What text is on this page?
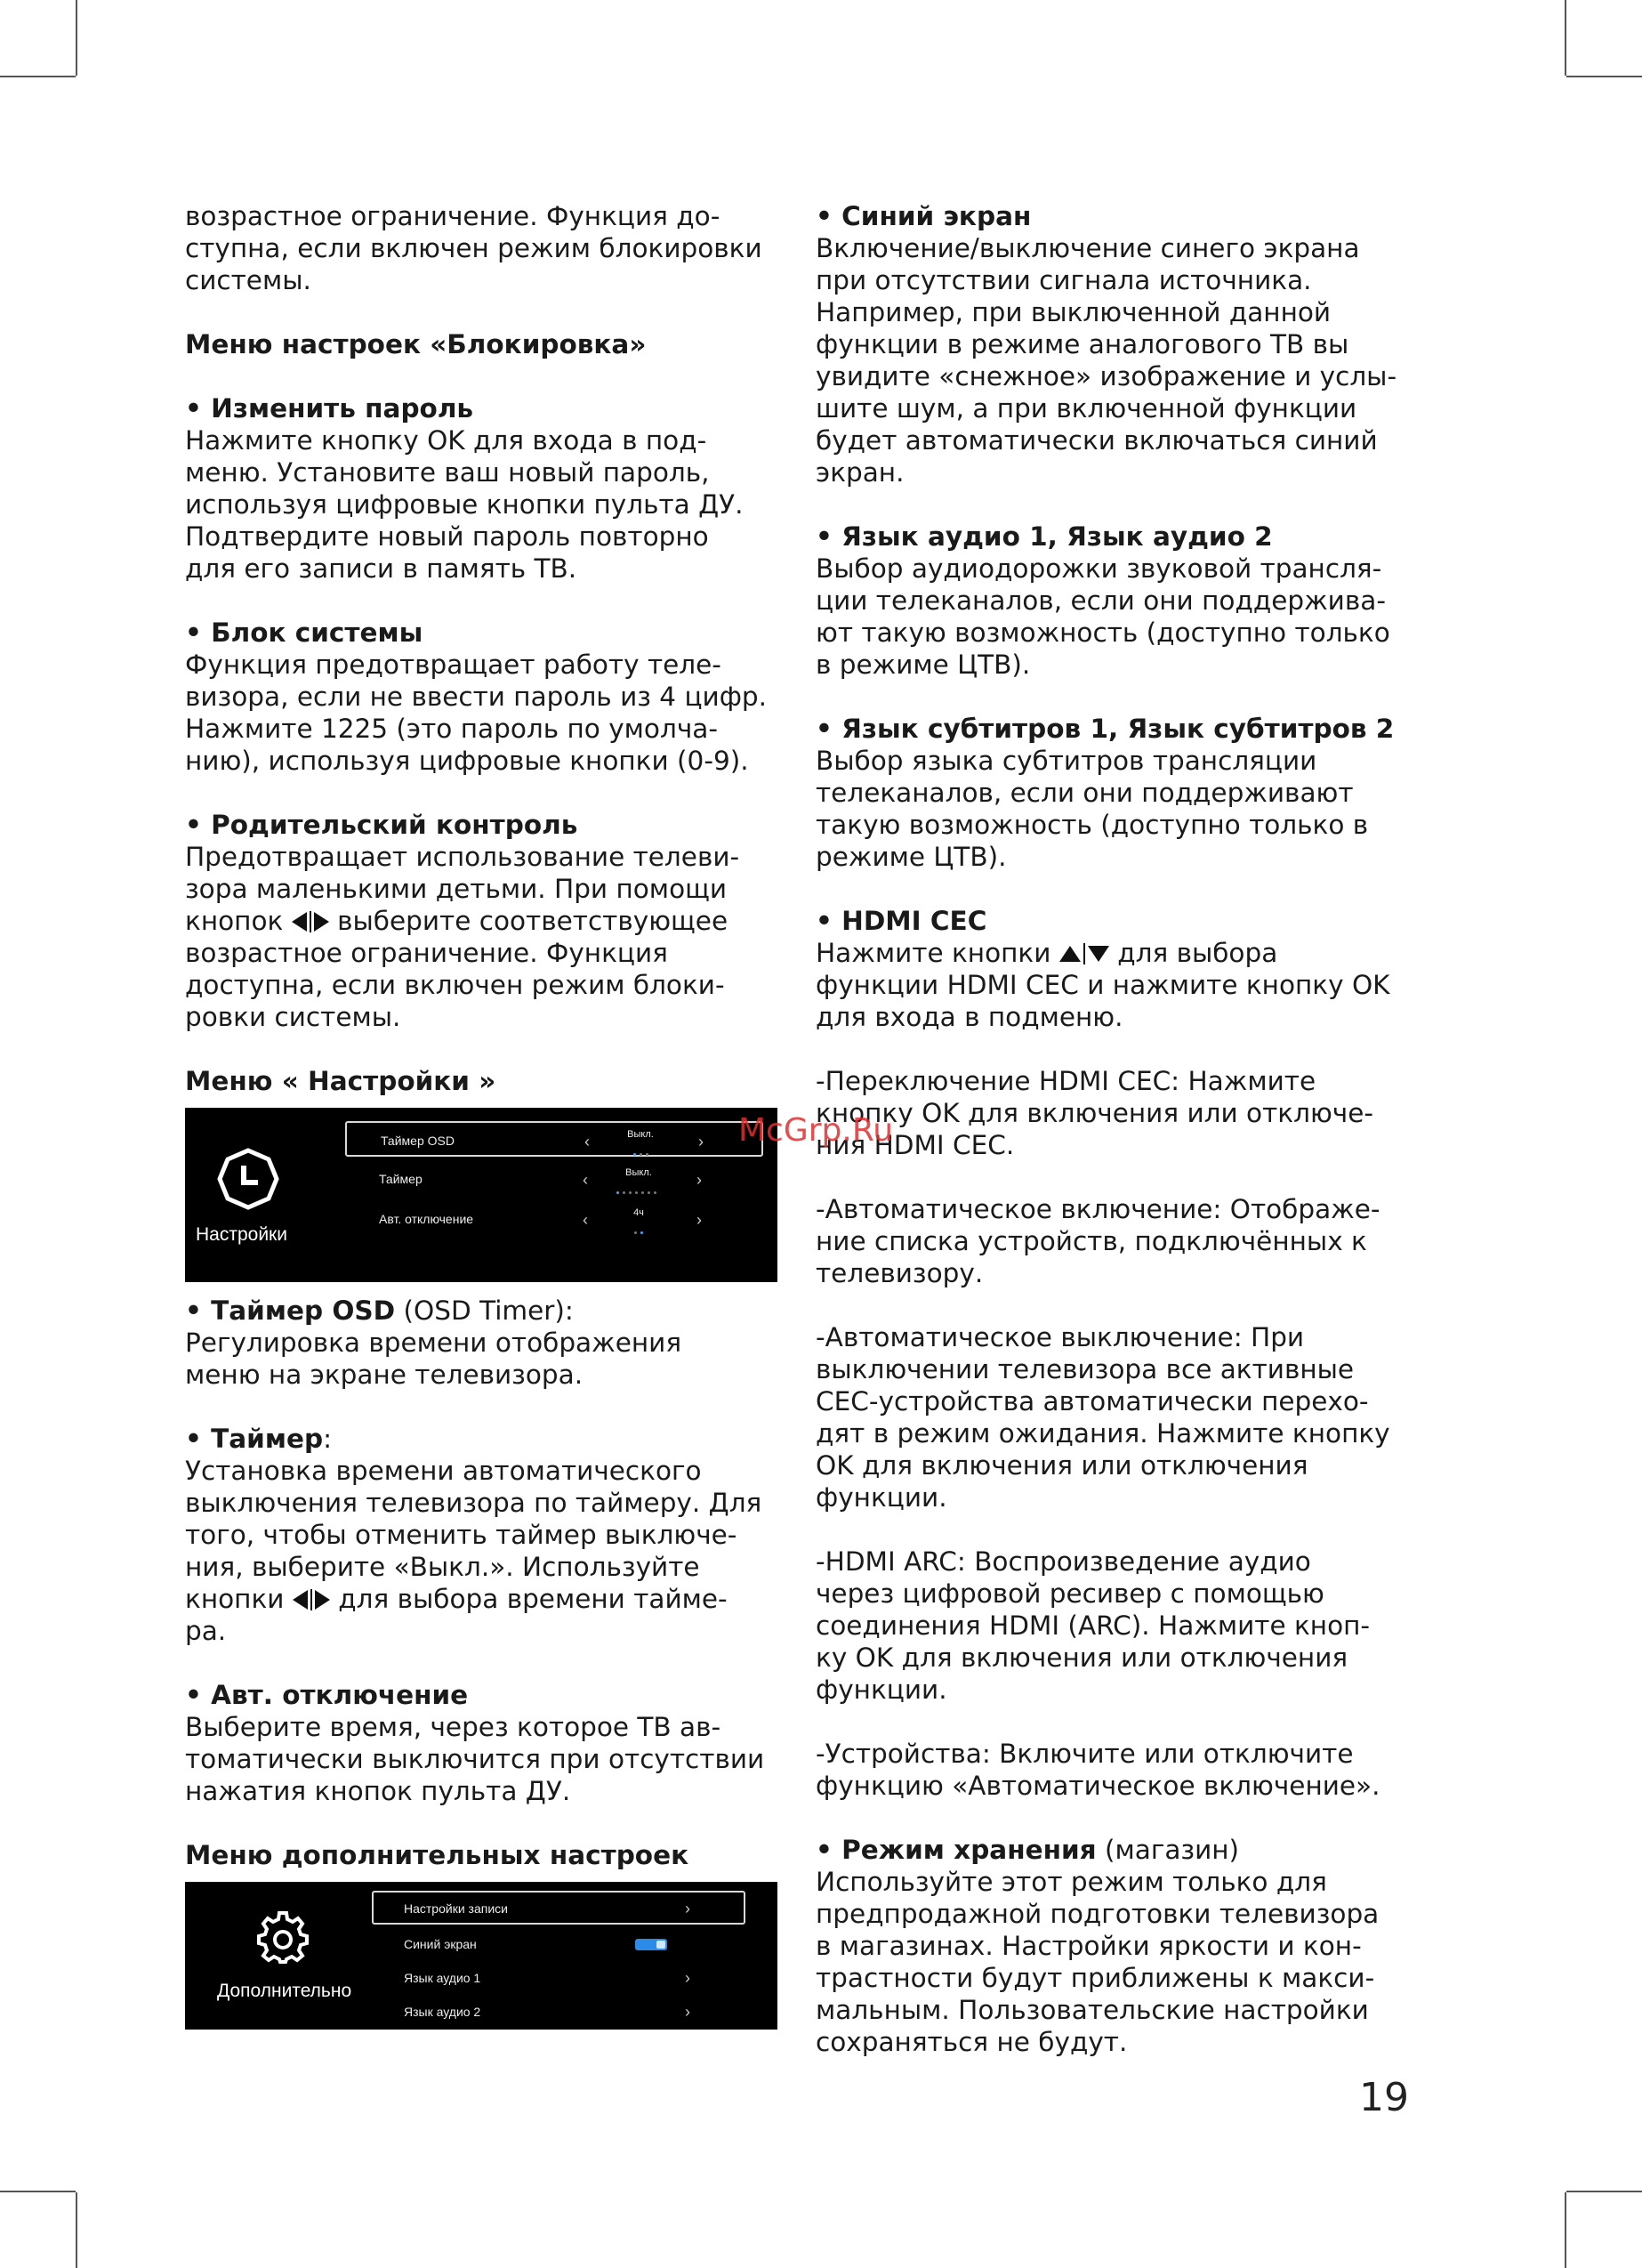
возрастное ограничение. Функция до-

ступна, если включен режим блокировки

системы.

Меню настроек «Блокировка»
• Изменить пароль

Нажмите кнопку OK для входа в под-

меню. Установите ваш новый пароль,

используя цифровые кнопки пульта ДУ.

Подтвердите новый пароль повторно

для его записи в память ТВ.

• Блок системы

Функция предотвращает работу теле-

визора, если не ввести пароль из 4 цифр.

Нажмите 1225 (это пароль по умолча-

нию), используя цифровые кнопки (0-9).

• Родительский контроль

Предотвращает использование телеви-

зора маленькими детьми. При помощи

кнопок выберите соответствующее

возрастное ограничение. Функция

доступна, если включен режим блоки-

ровки системы.

Меню « Настройки »
Настройки
Таймер OSD	‹	Выкл.	›
Таймер	‹	Выкл.	›
Авт. отключение	‹	4ч	›

• Таймер OSD (OSD Timer):

Регулировка времени отображения

меню на экране телевизора.

• Таймер:

Установка времени автоматического

выключения телевизора по таймеру. Для

того, чтобы отменить таймер выключе-

ния, выберите «Выкл.». Используйте

кнопки для выбора времени тайме-

ра.

• Авт. отключение

Выберите время, через которое ТВ ав-

томатически выключится при отсутствии

нажатия кнопок пульта ДУ.

Меню дополнительных настроек
Дополнительно
Настройки записи	›
Синий экран
Язык аудио 1	›
Язык аудио 2	›
• Синий экран

Включение/выключение синего экрана

при отсутствии сигнала источника.

Например, при выключенной данной

функции в режиме аналогового ТВ вы

увидите «снежное» изображение и услы-

шите шум, а при включенной функции

будет автоматически включаться синий

экран.

• Язык аудио 1, Язык аудио 2

Выбор аудиодорожки звуковой трансля-

ции телеканалов, если они поддержива-

ют такую возможность (доступно только

в режиме ЦТВ).

• Язык субтитров 1, Язык субтитров 2

Выбор языка субтитров трансляции

телеканалов, если они поддерживают

такую возможность (доступно только в

режиме ЦТВ).

• HDMI CEC

Нажмите кнопки	для выбора

функции HDMI CEC и нажмите кнопку OK

для входа в подменю.

-Переключение HDMI CEC: Нажмите

кнопку OK для включения или отключе-

ния HDMI CEC.

-Автоматическое включение: Отображе-

ние списка устройств, подключённых к

телевизору.

-Автоматическое выключение: При

выключении телевизора все активные

CEC-устройства автоматически перехо-

дят в режим ожидания. Нажмите кнопку

OK для включения или отключения

функции.

-HDMI ARC: Воспроизведение аудио

через цифровой ресивер с помощью

соединения HDMI (ARC). Нажмите кноп-

ку OK для включения или отключения

функции.

-Устройства: Включите или отключите

функцию «Автоматическое включение».

• Режим хранения (магазин)

Используйте этот режим только для

предпродажной подготовки телевизора

в магазинах. Настройки яркости и кон-

трастности будут приближены к макси-

мальным. Пользовательские настройки

сохраняться не будут.

McGrp.Ru
19
